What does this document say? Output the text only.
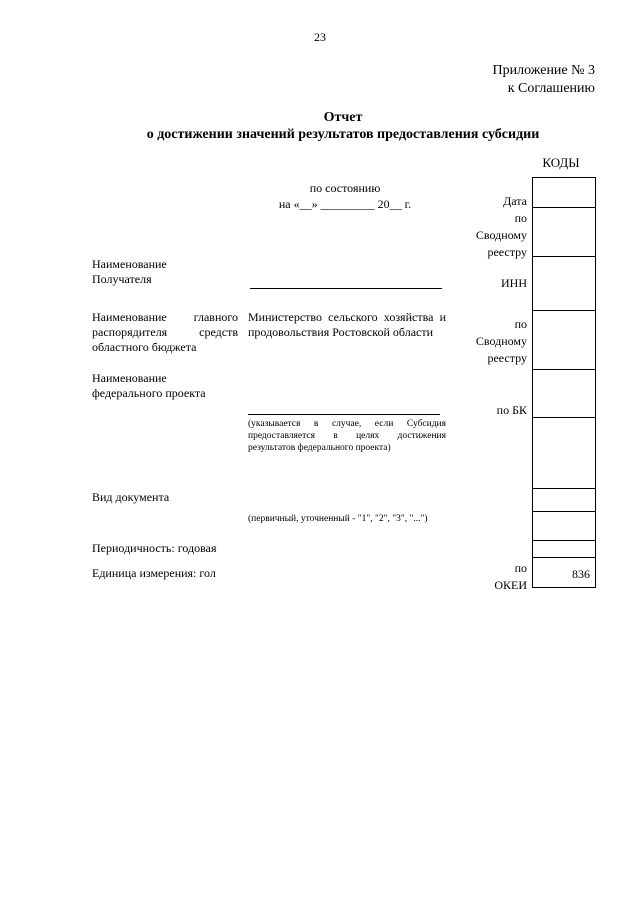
23
Приложение № 3
к Соглашению
Отчет
о достижении значений результатов предоставления субсидии
КОДЫ
836
по состоянию
на «__» _________ 20__ г.	Дата
по
Сводному
реестру
ИНН
по
Сводному
реестру
по БК
по
ОКЕИ
Наименование Получателя
Наименование главного распорядителя средств областного бюджета
Министерство сельского хозяйства и продовольствия Ростовской области
Наименование федерального проекта
(указывается в случае, если Субсидия предоставляется в целях достижения результатов федерального проекта)
Вид документа
(первичный, уточненный - "1", "2", "3", "...")
Периодичность: годовая
Единица измерения: гол
